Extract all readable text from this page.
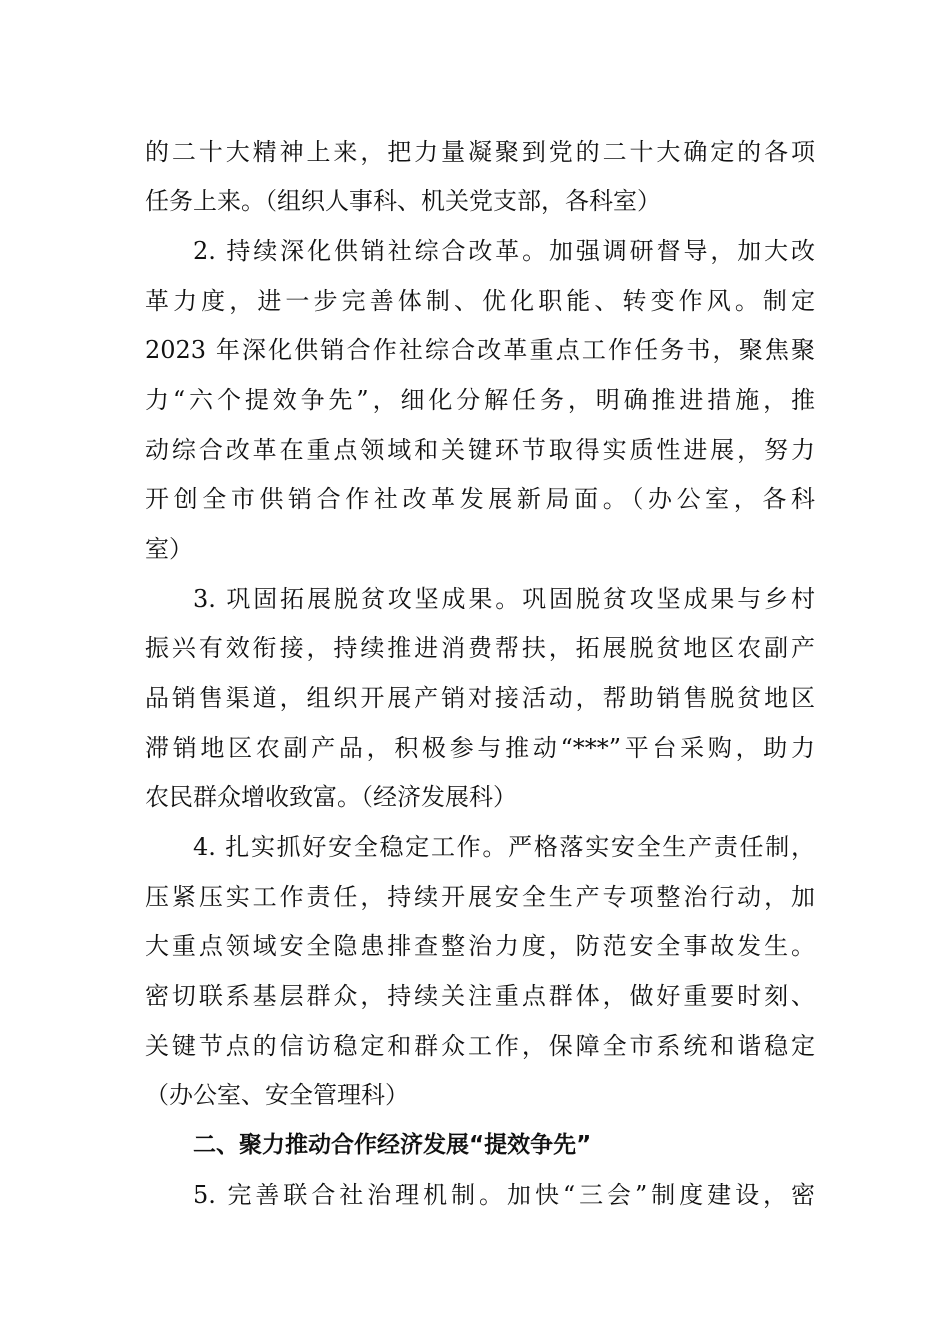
的二十大精神上来，把力量凝聚到党的二十大确定的各项
任务上来。（组织人事科、机关党支部，各科室）
2. 持续深化供销社综合改革。加强调研督导，加大改
革力度，进一步完善体制、优化职能、转变作风。制定
2023 年深化供销合作社综合改革重点工作任务书，聚焦聚
力“六个提效争先”，细化分解任务，明确推进措施，推
动综合改革在重点领域和关键环节取得实质性进展，努力
开创全市供销合作社改革发展新局面。（办公室，各科
室）
3. 巩固拓展脱贫攻坚成果。巩固脱贫攻坚成果与乡村
振兴有效衔接，持续推进消费帮扶，拓展脱贫地区农副产
品销售渠道，组织开展产销对接活动，帮助销售脱贫地区
滞销地区农副产品，积极参与推动“***”平台采购，助力
农民群众增收致富。（经济发展科）
4. 扎实抓好安全稳定工作。严格落实安全生产责任制，
压紧压实工作责任，持续开展安全生产专项整治行动，加
大重点领域安全隐患排查整治力度，防范安全事故发生。
密切联系基层群众，持续关注重点群体，做好重要时刻、
关键节点的信访稳定和群众工作，保障全市系统和谐稳定
（办公室、安全管理科）
二、聚力推动合作经济发展“提效争先”
5. 完善联合社治理机制。加快“三会”制度建设，密
